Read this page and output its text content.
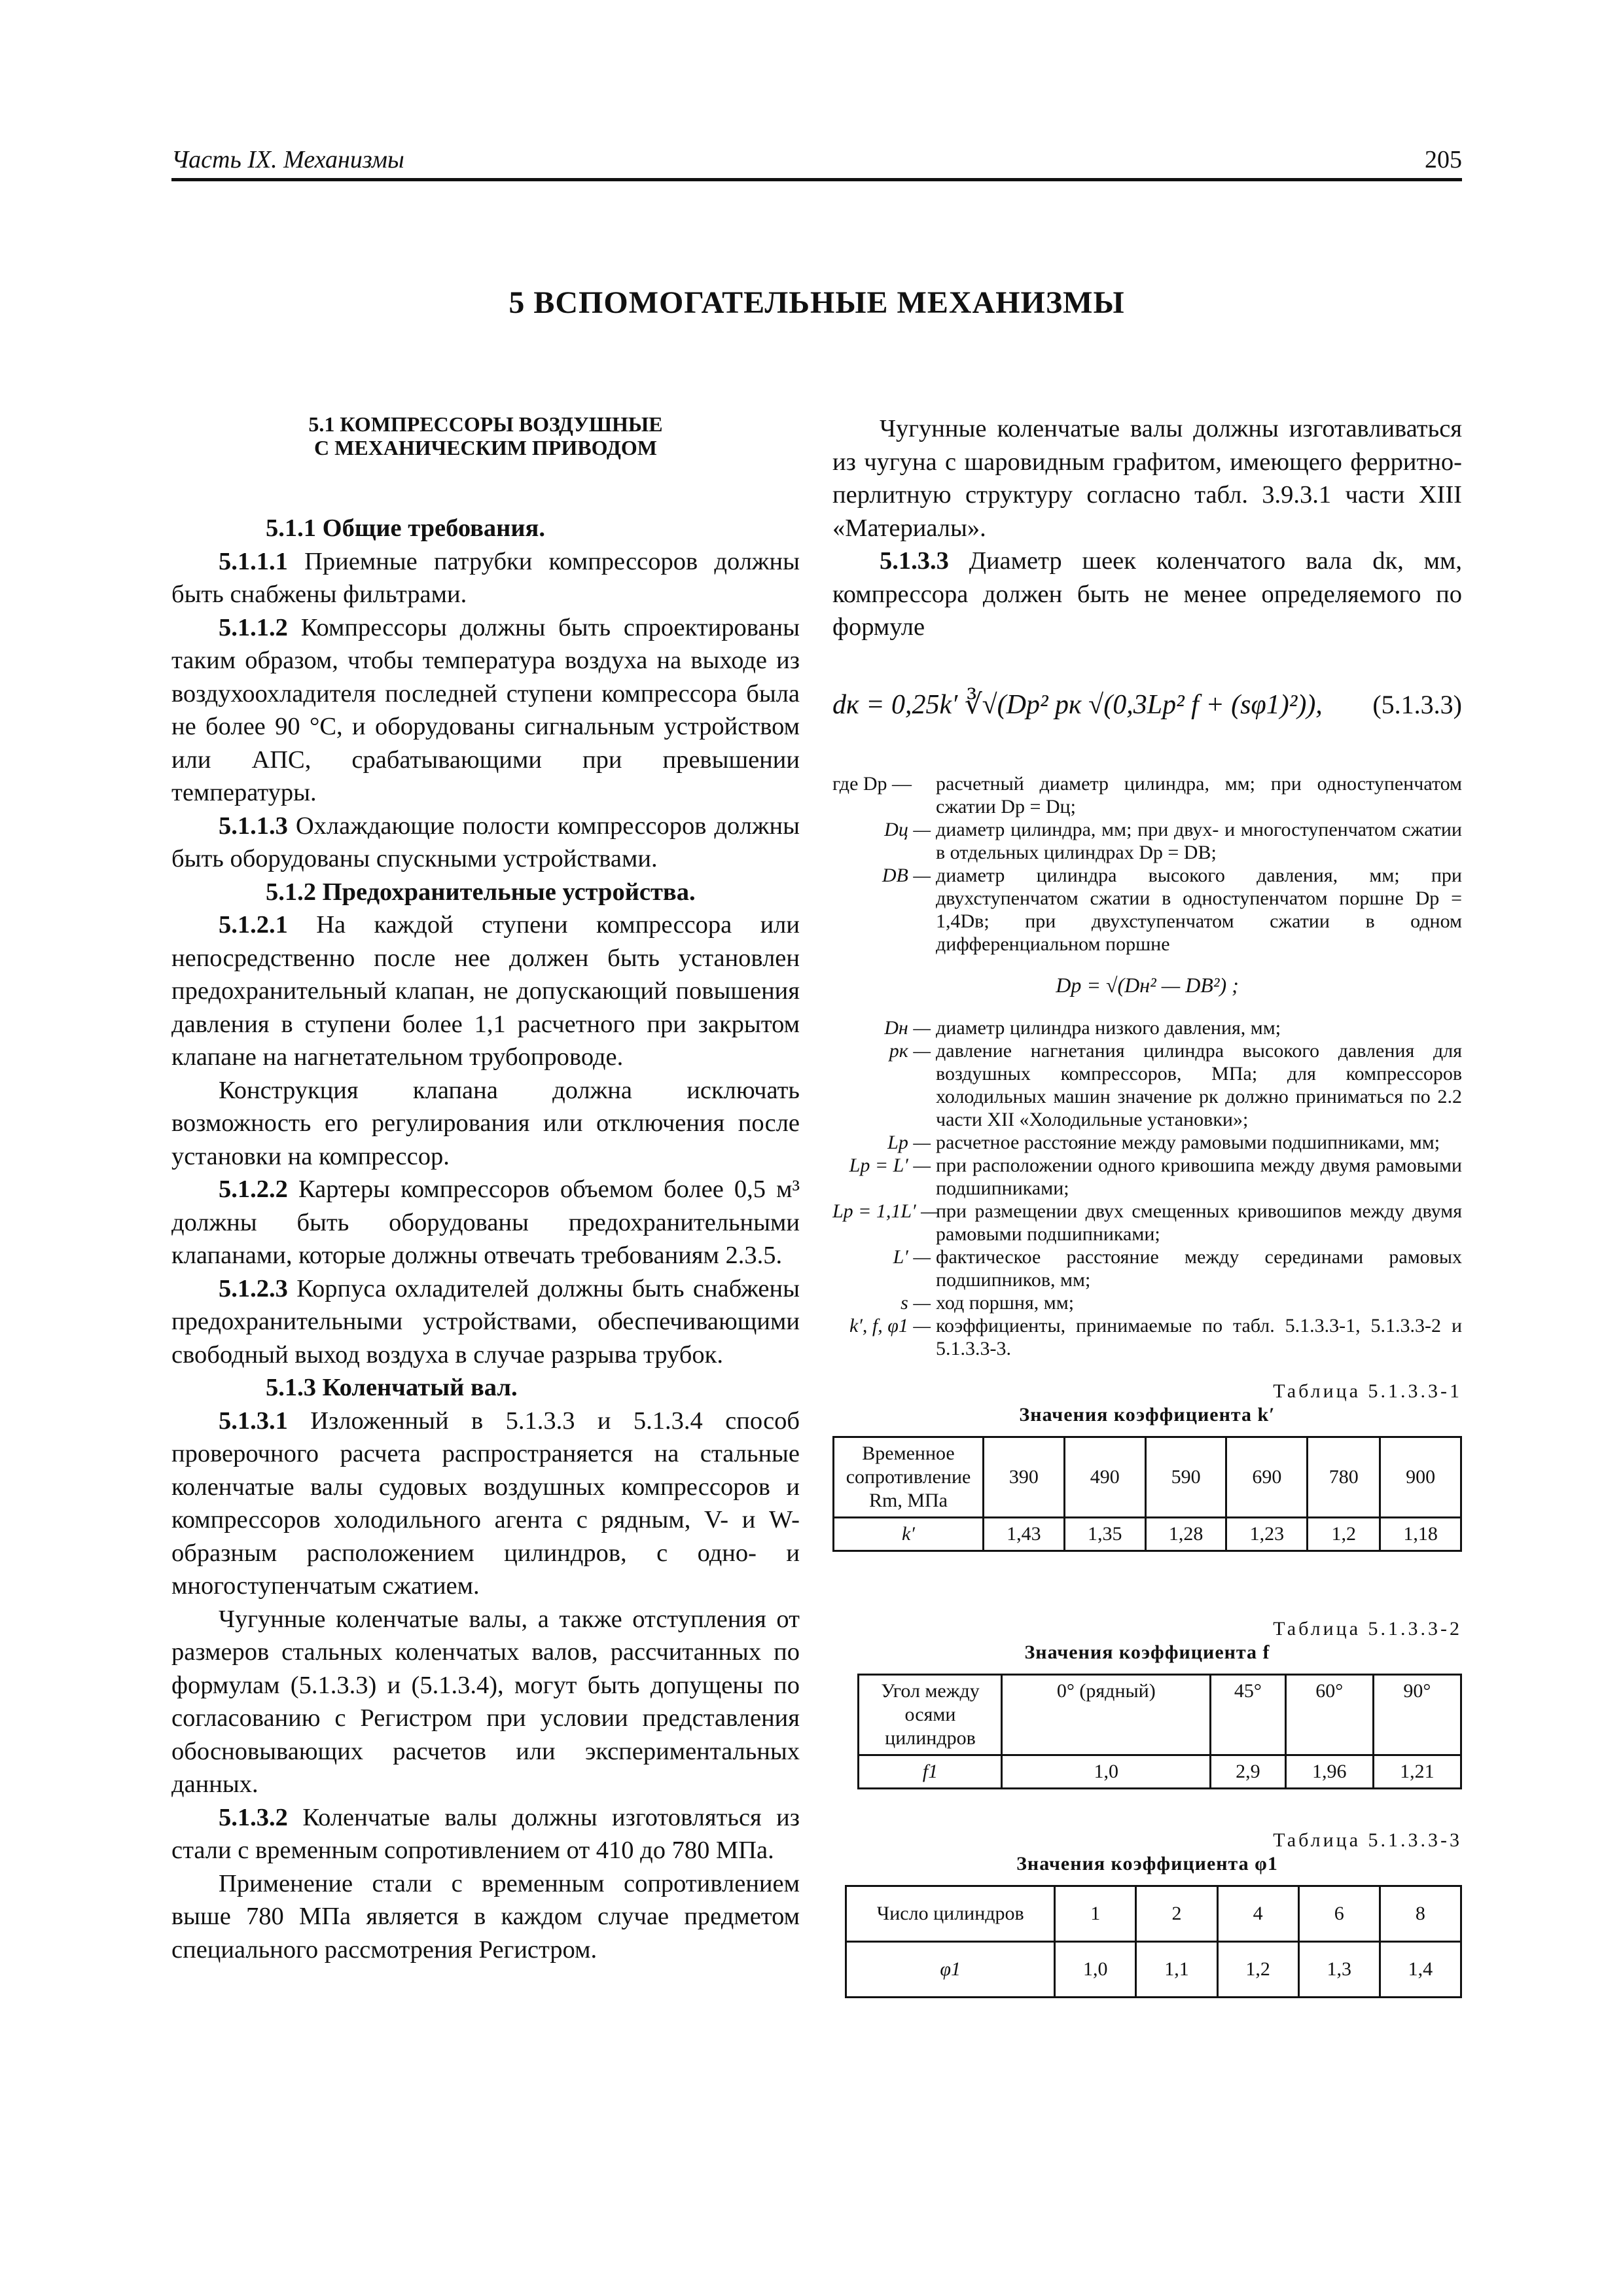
Часть IX. Механизмы	205
5 ВСПОМОГАТЕЛЬНЫЕ МЕХАНИЗМЫ
5.1 КОМПРЕССОРЫ ВОЗДУШНЫЕ
С МЕХАНИЧЕСКИМ ПРИВОДОМ

5.1.1 Общие требования.

5.1.1.1 Приемные патрубки компрессоров должны быть снабжены фильтрами.

5.1.1.2 Компрессоры должны быть спроектированы таким образом, чтобы температура воздуха на выходе из воздухоохладителя последней ступени компрессора была не более 90 °С, и оборудованы сигнальным устройством или АПС, срабатывающими при превышении температуры.

5.1.1.3 Охлаждающие полости компрессоров должны быть оборудованы спускными устройствами.

5.1.2 Предохранительные устройства.

5.1.2.1 На каждой ступени компрессора или непосредственно после нее должен быть установлен предохранительный клапан, не допускающий повышения давления в ступени более 1,1 расчетного при закрытом клапане на нагнетательном трубопроводе.

Конструкция клапана должна исключать возможность его регулирования или отключения после установки на компрессор.

5.1.2.2 Картеры компрессоров объемом более 0,5 м³ должны быть оборудованы предохранительными клапанами, которые должны отвечать требованиям 2.3.5.

5.1.2.3 Корпуса охладителей должны быть снабжены предохранительными устройствами, обеспечивающими свободный выход воздуха в случае разрыва трубок.

5.1.3 Коленчатый вал.

5.1.3.1 Изложенный в 5.1.3.3 и 5.1.3.4 способ проверочного расчета распространяется на стальные коленчатые валы судовых воздушных компрессоров и компрессоров холодильного агента с рядным, V- и W-образным расположением цилиндров, с одно- и многоступенчатым сжатием.

Чугунные коленчатые валы, а также отступления от размеров стальных коленчатых валов, рассчитанных по формулам (5.1.3.3) и (5.1.3.4), могут быть допущены по согласованию с Регистром при условии представления обосновывающих расчетов или экспериментальных данных.

5.1.3.2 Коленчатые валы должны изготовляться из стали с временным сопротивлением от 410 до 780 МПа.

Применение стали с временным сопротивлением выше 780 МПа является в каждом случае предметом специального рассмотрения Регистром.

Чугунные коленчатые валы должны изготавливаться из чугуна с шаровидным графитом, имеющего ферритно-перлитную структуру согласно табл. 3.9.3.1 части XIII «Материалы».

5.1.3.3 Диаметр шеек коленчатого вала dк, мм, компрессора должен быть не менее определяемого по формуле

dк = 0,25k′ ∛√(Dр² pк √(0,3Lр² f + (sφ1)²)), (5.1.3.3)
где Dр —	расчетный диаметр цилиндра, мм; при одноступенчатом сжатии Dр = Dц;
Dц — диаметр цилиндра, мм; при двух- и многоступенчатом сжатии в отдельных цилиндрах Dр = DВ;
DВ — диаметр цилиндра высокого давления, мм; при двухступенчатом сжатии в одноступенчатом поршне Dр = 1,4Dв; при двухступенчатом сжатии в одном дифференциальном поршне
Dр = √(Dн² — DВ²) ;
Dн — диаметр цилиндра низкого давления, мм;
pк — давление нагнетания цилиндра высокого давления для воздушных компрессоров, МПа; для компрессоров холодильных машин значение pк должно приниматься по 2.2 части XII «Холодильные установки»;
Lр — расчетное расстояние между рамовыми подшипниками, мм;
Lр = L′ — при расположении одного кривошипа между двумя рамовыми подшипниками;
Lр = 1,1L′ —
при размещении двух смещенных кривошипов между двумя рамовыми подшипниками;
L′ — фактическое расстояние между серединами рамовых подшипников, мм;
s — ход поршня, мм;
k′, f, φ1 — коэффициенты, принимаемые по табл. 5.1.3.3-1, 5.1.3.3-2 и 5.1.3.3-3.
Таблица 5.1.3.3-1
Значения коэффициента k′
Временное сопротивление Rm, МПа	390	490	590	690	780	900
k′	1,43	1,35	1,28	1,23	1,2	1,18
Таблица 5.1.3.3-2
Значения коэффициента f
Угол между осями цилиндров	0° (рядный)	45°	60°	90°
f1	1,0	2,9	1,96	1,21
Таблица 5.1.3.3-3
Значения коэффициента φ1
Число цилиндров	1	2	4	6	8
φ1	1,0	1,1	1,2	1,3	1,4
